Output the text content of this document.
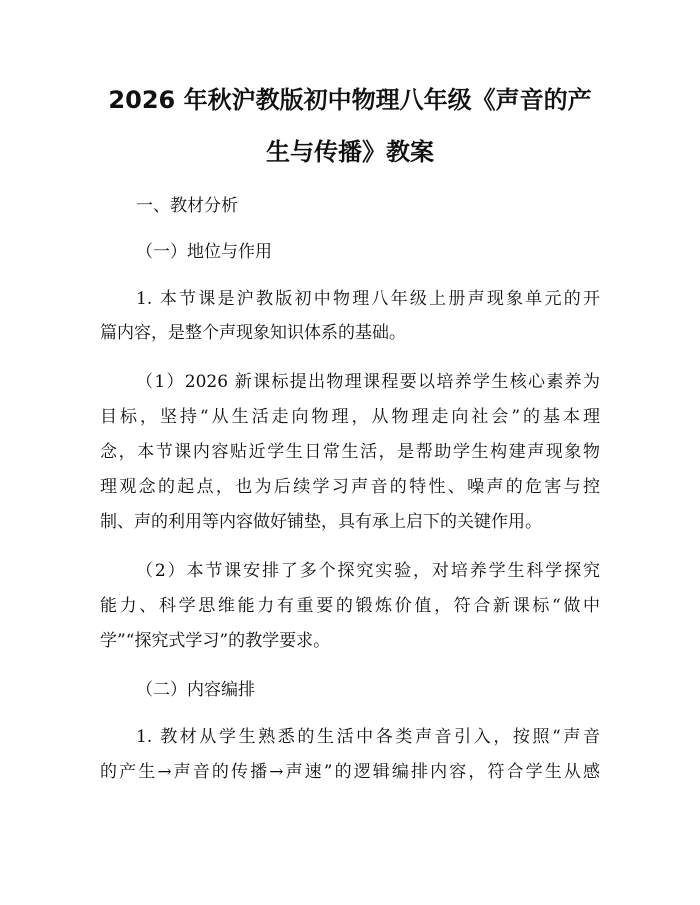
2026 年秋沪教版初中物理八年级《声音的产
生与传播》教案
一、教材分析
（一）地位与作用
1. 本节课是沪教版初中物理八年级上册声现象单元的开
篇内容，是整个声现象知识体系的基础。
（1）2026 新课标提出物理课程要以培养学生核心素养为
目标，坚持“从生活走向物理，从物理走向社会”的基本理
念，本节课内容贴近学生日常生活，是帮助学生构建声现象物
理观念的起点，也为后续学习声音的特性、噪声的危害与控
制、声的利用等内容做好铺垫，具有承上启下的关键作用。
（2）本节课安排了多个探究实验，对培养学生科学探究
能力、科学思维能力有重要的锻炼价值，符合新课标“做中
学”“探究式学习”的教学要求。
（二）内容编排
1. 教材从学生熟悉的生活中各类声音引入，按照“声音
的产生→声音的传播→声速”的逻辑编排内容，符合学生从感
